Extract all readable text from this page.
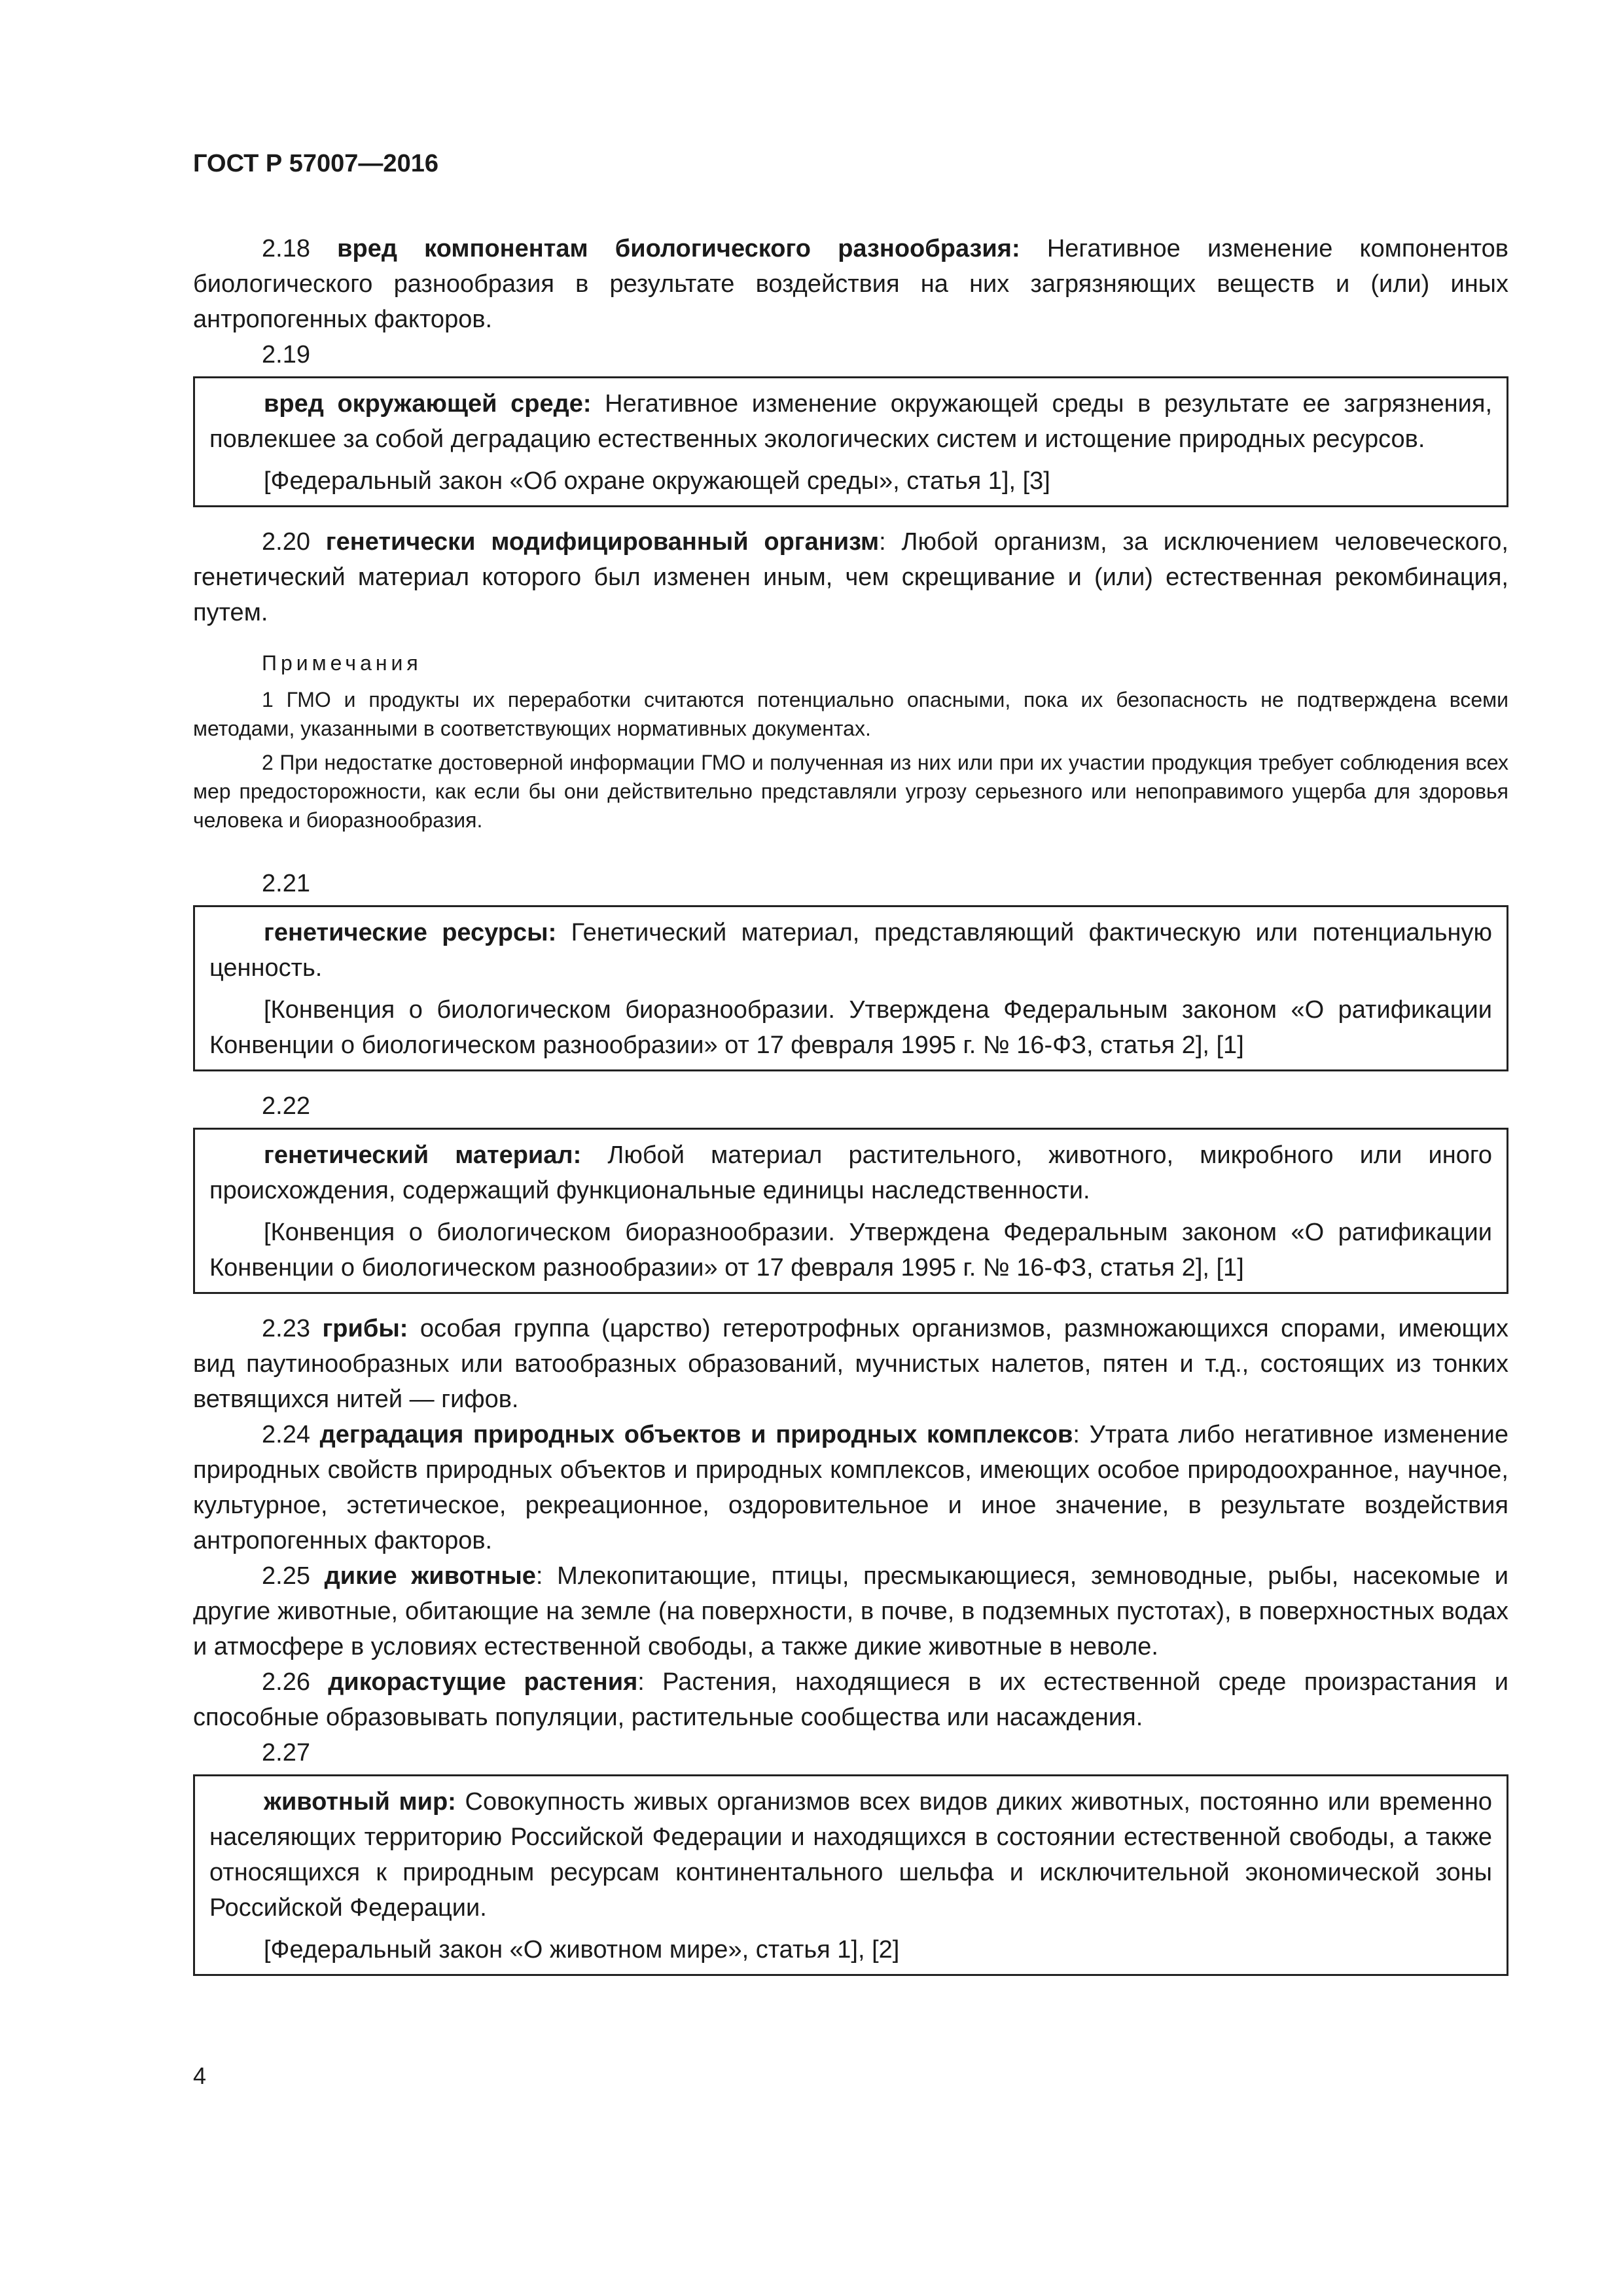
ГОСТ Р 57007—2016

2.18 вред компонентам биологического разнообразия: Негативное изменение компонентов биологического разнообразия в результате воздействия на них загрязняющих веществ и (или) иных антропогенных факторов.

2.19

вред окружающей среде: Негативное изменение окружающей среды в результате ее загрязнения, повлекшее за собой деградацию естественных экологических систем и истощение природных ресурсов.

[Федеральный закон «Об охране окружающей среды», статья 1], [3]

2.20 генетически модифицированный организм: Любой организм, за исключением человеческого, генетический материал которого был изменен иным, чем скрещивание и (или) естественная рекомбинация, путем.

Примечания

1 ГМО и продукты их переработки считаются потенциально опасными, пока их безопасность не подтверждена всеми методами, указанными в соответствующих нормативных документах.

2 При недостатке достоверной информации ГМО и полученная из них или при их участии продукция требует соблюдения всех мер предосторожности, как если бы они действительно представляли угрозу серьезного или непоправимого ущерба для здоровья человека и биоразнообразия.

2.21

генетические ресурсы: Генетический материал, представляющий фактическую или потенциальную ценность.

[Конвенция о биологическом биоразнообразии. Утверждена Федеральным законом «О ратификации Конвенции о биологическом разнообразии» от 17 февраля 1995 г. № 16-ФЗ, статья 2], [1]

2.22

генетический материал: Любой материал растительного, животного, микробного или иного происхождения, содержащий функциональные единицы наследственности.

[Конвенция о биологическом биоразнообразии. Утверждена Федеральным законом «О ратификации Конвенции о биологическом разнообразии» от 17 февраля 1995 г. № 16-ФЗ, статья 2], [1]

2.23 грибы: особая группа (царство) гетеротрофных организмов, размножающихся спорами, имеющих вид паутинообразных или ватообразных образований, мучнистых налетов, пятен и т.д., состоящих из тонких ветвящихся нитей — гифов.

2.24 деградация природных объектов и природных комплексов: Утрата либо негативное изменение природных свойств природных объектов и природных комплексов, имеющих особое природоохранное, научное, культурное, эстетическое, рекреационное, оздоровительное и иное значение, в результате воздействия антропогенных факторов.

2.25 дикие животные: Млекопитающие, птицы, пресмыкающиеся, земноводные, рыбы, насекомые и другие животные, обитающие на земле (на поверхности, в почве, в подземных пустотах), в поверхностных водах и атмосфере в условиях естественной свободы, а также дикие животные в неволе.

2.26 дикорастущие растения: Растения, находящиеся в их естественной среде произрастания и способные образовывать популяции, растительные сообщества или насаждения.

2.27

животный мир: Совокупность живых организмов всех видов диких животных, постоянно или временно населяющих территорию Российской Федерации и находящихся в состоянии естественной свободы, а также относящихся к природным ресурсам континентального шельфа и исключительной экономической зоны Российской Федерации.

[Федеральный закон «О животном мире», статья 1], [2]

4
